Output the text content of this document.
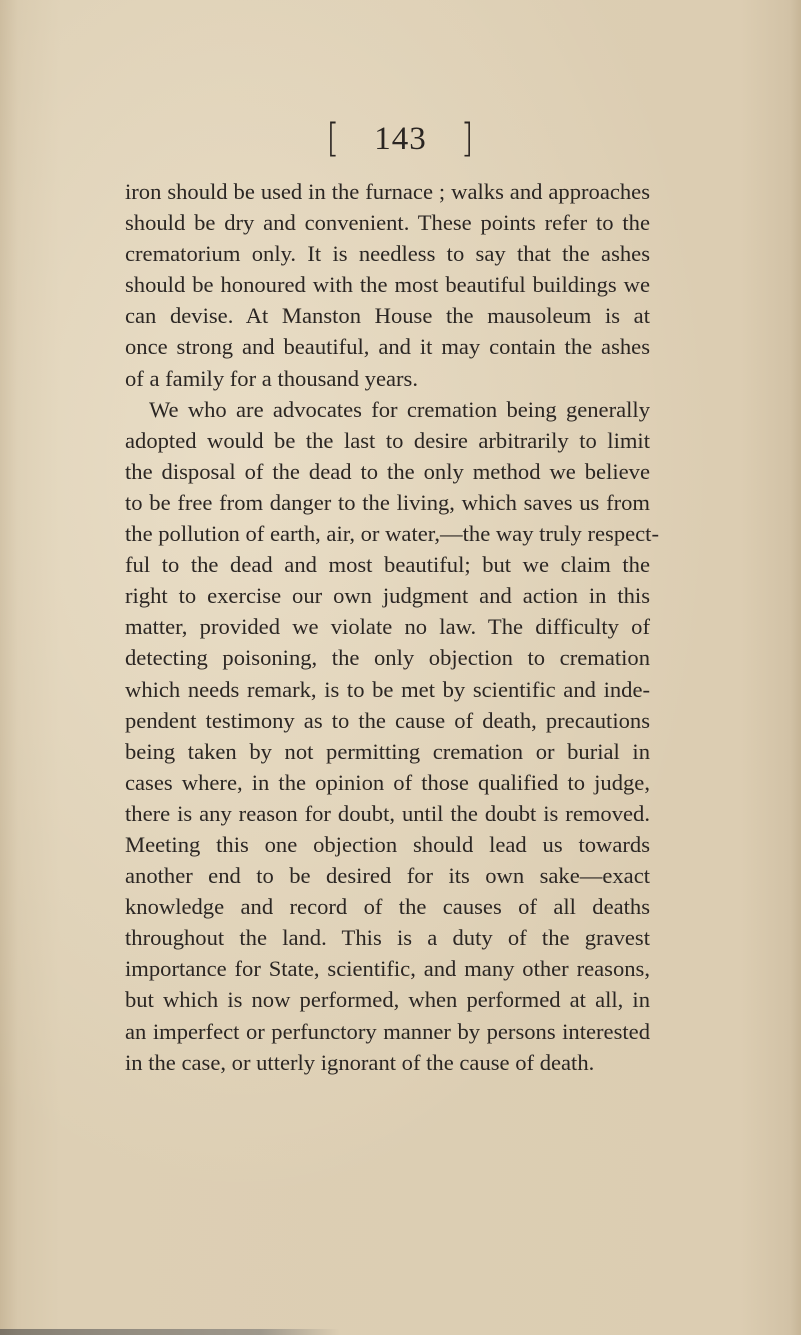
[ 143 ]
iron should be used in the furnace ; walks and approaches
should be dry and convenient. These points refer to the
crematorium only. It is needless to say that the ashes
should be honoured with the most beautiful buildings we
can devise. At Manston House the mausoleum is at
once strong and beautiful, and it may contain the ashes
of a family for a thousand years.
We who are advocates for cremation being generally
adopted would be the last to desire arbitrarily to limit
the disposal of the dead to the only method we believe
to be free from danger to the living, which saves us from
the pollution of earth, air, or water,—the way truly respect-
ful to the dead and most beautiful; but we claim the
right to exercise our own judgment and action in this
matter, provided we violate no law. The difficulty of
detecting poisoning, the only objection to cremation
which needs remark, is to be met by scientific and inde-
pendent testimony as to the cause of death, precautions
being taken by not permitting cremation or burial in
cases where, in the opinion of those qualified to judge,
there is any reason for doubt, until the doubt is removed.
Meeting this one objection should lead us towards
another end to be desired for its own sake—exact
knowledge and record of the causes of all deaths
throughout the land. This is a duty of the gravest
importance for State, scientific, and many other reasons,
but which is now performed, when performed at all, in
an imperfect or perfunctory manner by persons interested
in the case, or utterly ignorant of the cause of death.
